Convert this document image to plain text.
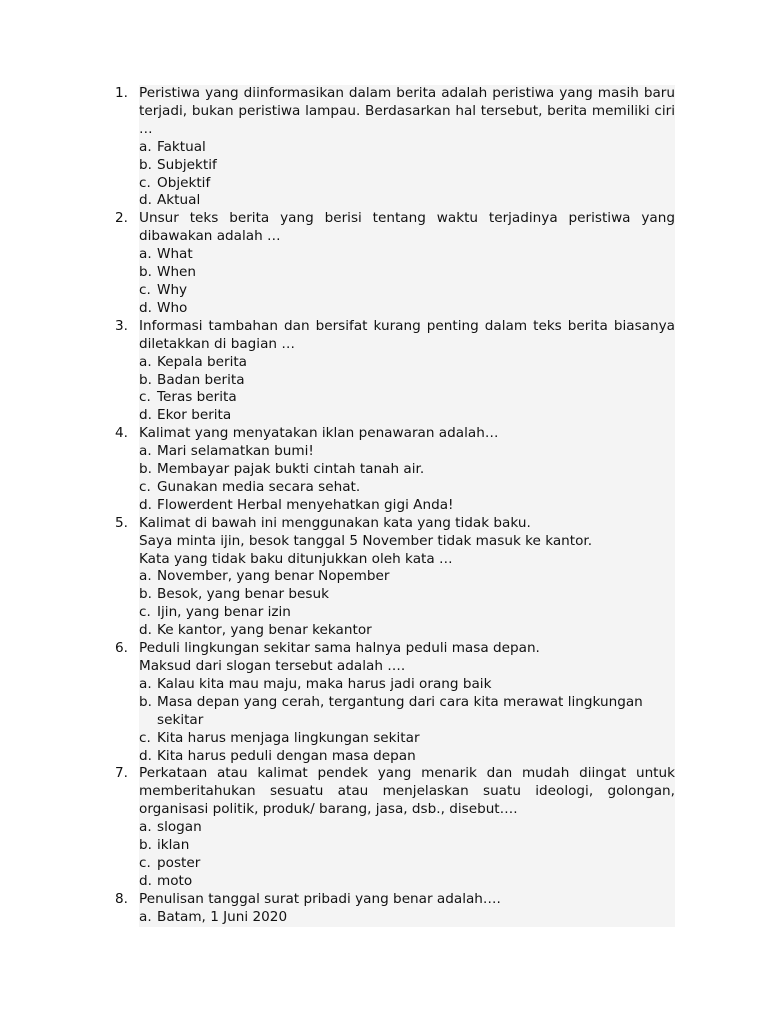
1. Peristiwa yang diinformasikan dalam berita adalah peristiwa yang masih baru terjadi, bukan peristiwa lampau. Berdasarkan hal tersebut, berita memiliki ciri …
a. Faktual
b. Subjektif
c. Objektif
d. Aktual
2. Unsur teks berita yang berisi tentang waktu terjadinya peristiwa yang dibawakan adalah …
a. What
b. When
c. Why
d. Who
3. Informasi tambahan dan bersifat kurang penting dalam teks berita biasanya diletakkan di bagian …
a. Kepala berita
b. Badan berita
c. Teras berita
d. Ekor berita
4. Kalimat yang menyatakan iklan penawaran adalah…
a. Mari selamatkan bumi!
b. Membayar pajak bukti cintah tanah air.
c. Gunakan media secara sehat.
d. Flowerdent Herbal menyehatkan gigi Anda!
5. Kalimat di bawah ini menggunakan kata yang tidak baku.
Saya minta ijin, besok tanggal 5 November tidak masuk ke kantor.
Kata yang tidak baku ditunjukkan oleh kata …
a. November, yang benar Nopember
b. Besok, yang benar besuk
c. Ijin, yang benar izin
d. Ke kantor, yang benar kekantor
6. Peduli lingkungan sekitar sama halnya peduli masa depan.
Maksud dari slogan tersebut adalah ….
a. Kalau kita mau maju, maka harus jadi orang baik
b. Masa depan yang cerah, tergantung dari cara kita merawat lingkungan sekitar
c. Kita harus menjaga lingkungan sekitar
d. Kita harus peduli dengan masa depan
7. Perkataan atau kalimat pendek yang menarik dan mudah diingat untuk memberitahukan sesuatu atau menjelaskan suatu ideologi, golongan, organisasi politik, produk/ barang, jasa, dsb., disebut….
a. slogan
b. iklan
c. poster
d. moto
8. Penulisan tanggal surat pribadi yang benar adalah….
a. Batam, 1 Juni 2020
